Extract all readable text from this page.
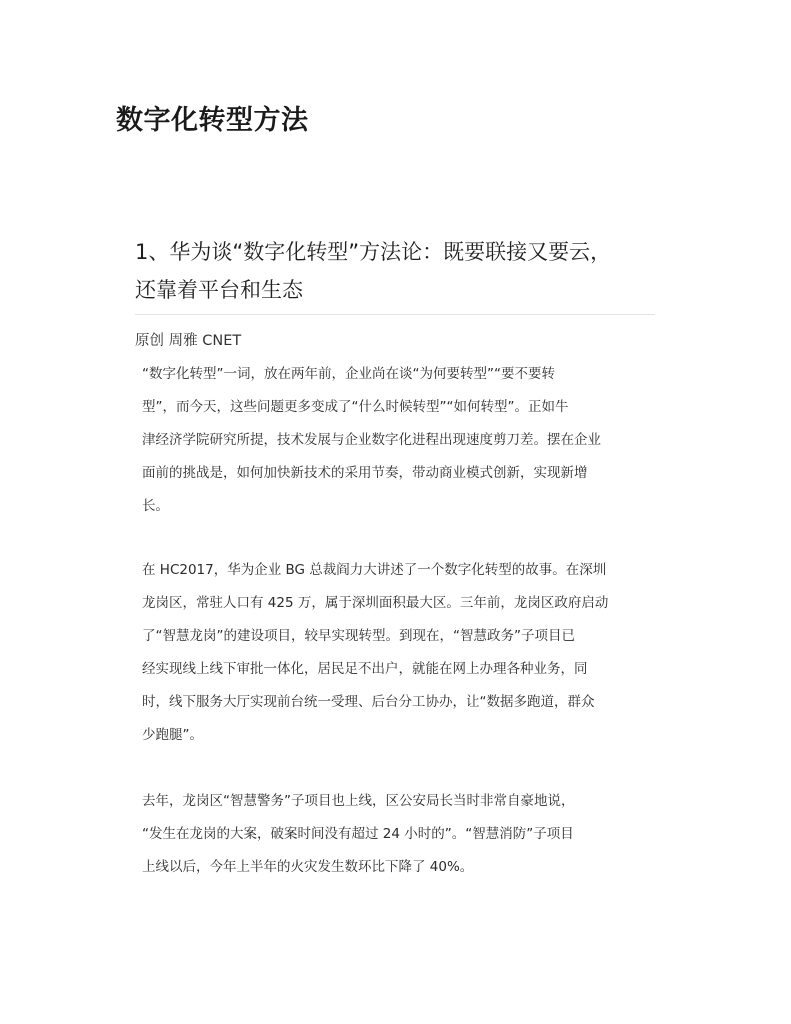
数字化转型方法
1、华为谈“数字化转型”方法论：既要联接又要云，
还靠着平台和生态

原创 周雅 CNET

“数字化转型”一词，放在两年前，企业尚在谈“为何要转型”“要不要转
型”，而今天，这些问题更多变成了“什么时候转型”“如何转型”。正如牛
津经济学院研究所提，技术发展与企业数字化进程出现速度剪刀差。摆在企业
面前的挑战是，如何加快新技术的采用节奏，带动商业模式创新，实现新增
长。
在 HC2017，华为企业 BG 总裁阎力大讲述了一个数字化转型的故事。在深圳
龙岗区，常驻人口有 425 万，属于深圳面积最大区。三年前，龙岗区政府启动
了“智慧龙岗”的建设项目，较早实现转型。到现在，“智慧政务”子项目已
经实现线上线下审批一体化，居民足不出户，就能在网上办理各种业务，同
时，线下服务大厅实现前台统一受理、后台分工协办，让“数据多跑道，群众
少跑腿”。
去年，龙岗区“智慧警务”子项目也上线，区公安局长当时非常自豪地说，
“发生在龙岗的大案，破案时间没有超过 24 小时的”。“智慧消防”子项目
上线以后，今年上半年的火灾发生数环比下降了 40%。
